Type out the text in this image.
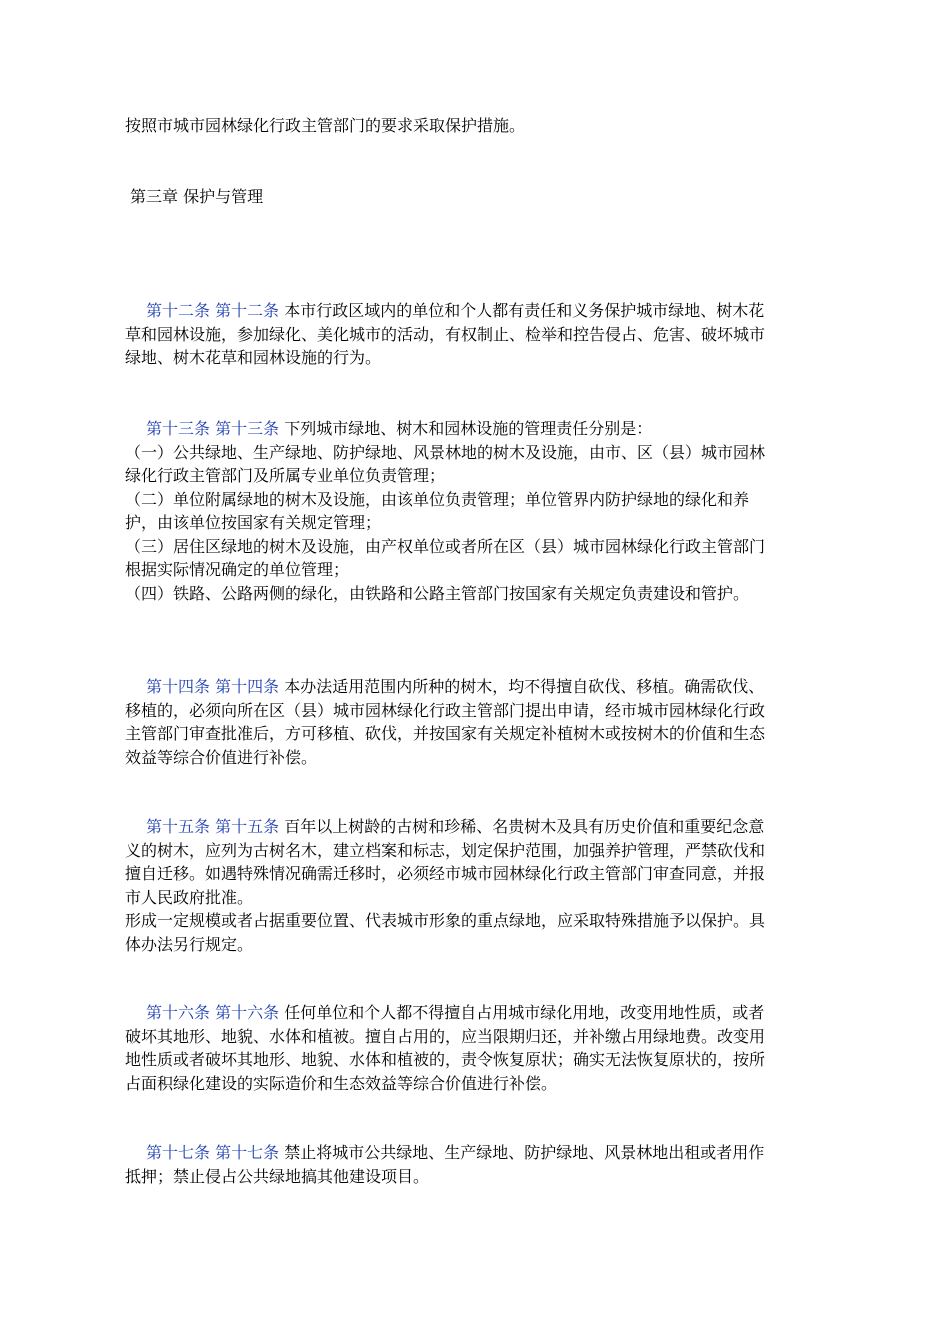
按照市城市园林绿化行政主管部门的要求采取保护措施。
第三章 保护与管理
第十二条 第十二条 本市行政区域内的单位和个人都有责任和义务保护城市绿地、树木花
草和园林设施，参加绿化、美化城市的活动，有权制止、检举和控告侵占、危害、破坏城市
绿地、树木花草和园林设施的行为。
第十三条 第十三条 下列城市绿地、树木和园林设施的管理责任分别是：
（一）公共绿地、生产绿地、防护绿地、风景林地的树木及设施，由市、区（县）城市园林
绿化行政主管部门及所属专业单位负责管理；
（二）单位附属绿地的树木及设施，由该单位负责管理；单位管界内防护绿地的绿化和养
护，由该单位按国家有关规定管理；
（三）居住区绿地的树木及设施，由产权单位或者所在区（县）城市园林绿化行政主管部门
根据实际情况确定的单位管理；
（四）铁路、公路两侧的绿化，由铁路和公路主管部门按国家有关规定负责建设和管护。
第十四条 第十四条 本办法适用范围内所种的树木，均不得擅自砍伐、移植。确需砍伐、
移植的，必须向所在区（县）城市园林绿化行政主管部门提出申请，经市城市园林绿化行政
主管部门审查批准后，方可移植、砍伐，并按国家有关规定补植树木或按树木的价值和生态
效益等综合价值进行补偿。
第十五条 第十五条 百年以上树龄的古树和珍稀、名贵树木及具有历史价值和重要纪念意
义的树木，应列为古树名木，建立档案和标志，划定保护范围，加强养护管理，严禁砍伐和
擅自迁移。如遇特殊情况确需迁移时，必须经市城市园林绿化行政主管部门审查同意，并报
市人民政府批准。
形成一定规模或者占据重要位置、代表城市形象的重点绿地，应采取特殊措施予以保护。具
体办法另行规定。
第十六条 第十六条 任何单位和个人都不得擅自占用城市绿化用地，改变用地性质，或者
破坏其地形、地貌、水体和植被。擅自占用的，应当限期归还，并补缴占用绿地费。改变用
地性质或者破坏其地形、地貌、水体和植被的，责令恢复原状；确实无法恢复原状的，按所
占面积绿化建设的实际造价和生态效益等综合价值进行补偿。
第十七条 第十七条 禁止将城市公共绿地、生产绿地、防护绿地、风景林地出租或者用作
抵押；禁止侵占公共绿地搞其他建设项目。
